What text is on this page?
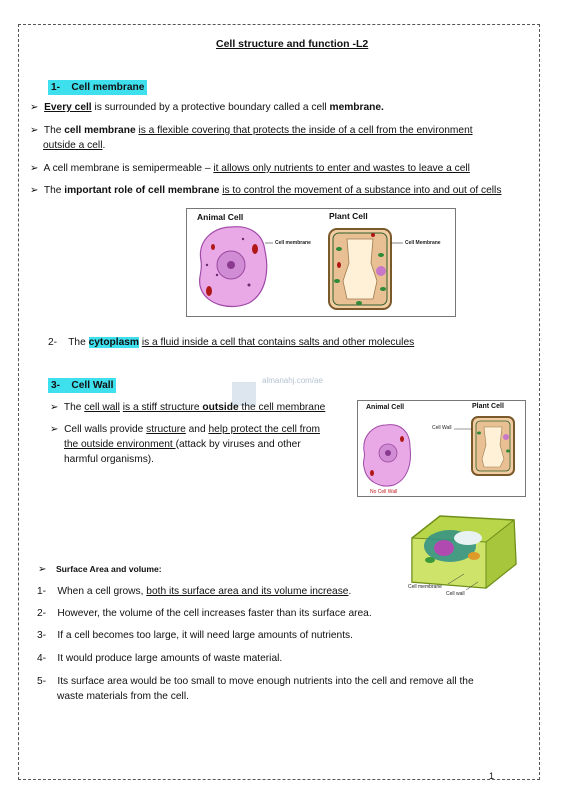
Cell structure and function -L2
1- Cell membrane
➢ Every cell is surrounded by a protective boundary called a cell membrane.
➢ The cell membrane is a flexible covering that protects the inside of a cell from the environment
outside a cell.
➢ A cell membrane is semipermeable – it allows only nutrients to enter and wastes to leave a cell
➢ The important role of cell membrane is to control the movement of a substance into and out of cells
Animal Cell	Plant Cell
Cell membrane	Cell Membrane
2- The cytoplasm is a fluid inside a cell that contains salts and other molecules
almanahj.com/ae
3- Cell Wall
➢ The cell wall is a stiff structure outside the cell membrane
➢ Cell walls provide structure and help protect the cell from
the outside environment (attack by viruses and other
harmful organisms).
Animal Cell	Plant Cell
Cell Wall
No Cell Wall
Cell membrane
Cell wall
➢ Surface Area and volume:
1- When a cell grows, both its surface area and its volume increase.
2- However, the volume of the cell increases faster than its surface area.
3- If a cell becomes too large, it will need large amounts of nutrients.
4- It would produce large amounts of waste material.
5- Its surface area would be too small to move enough nutrients into the cell and remove all the
waste materials from the cell.
1
